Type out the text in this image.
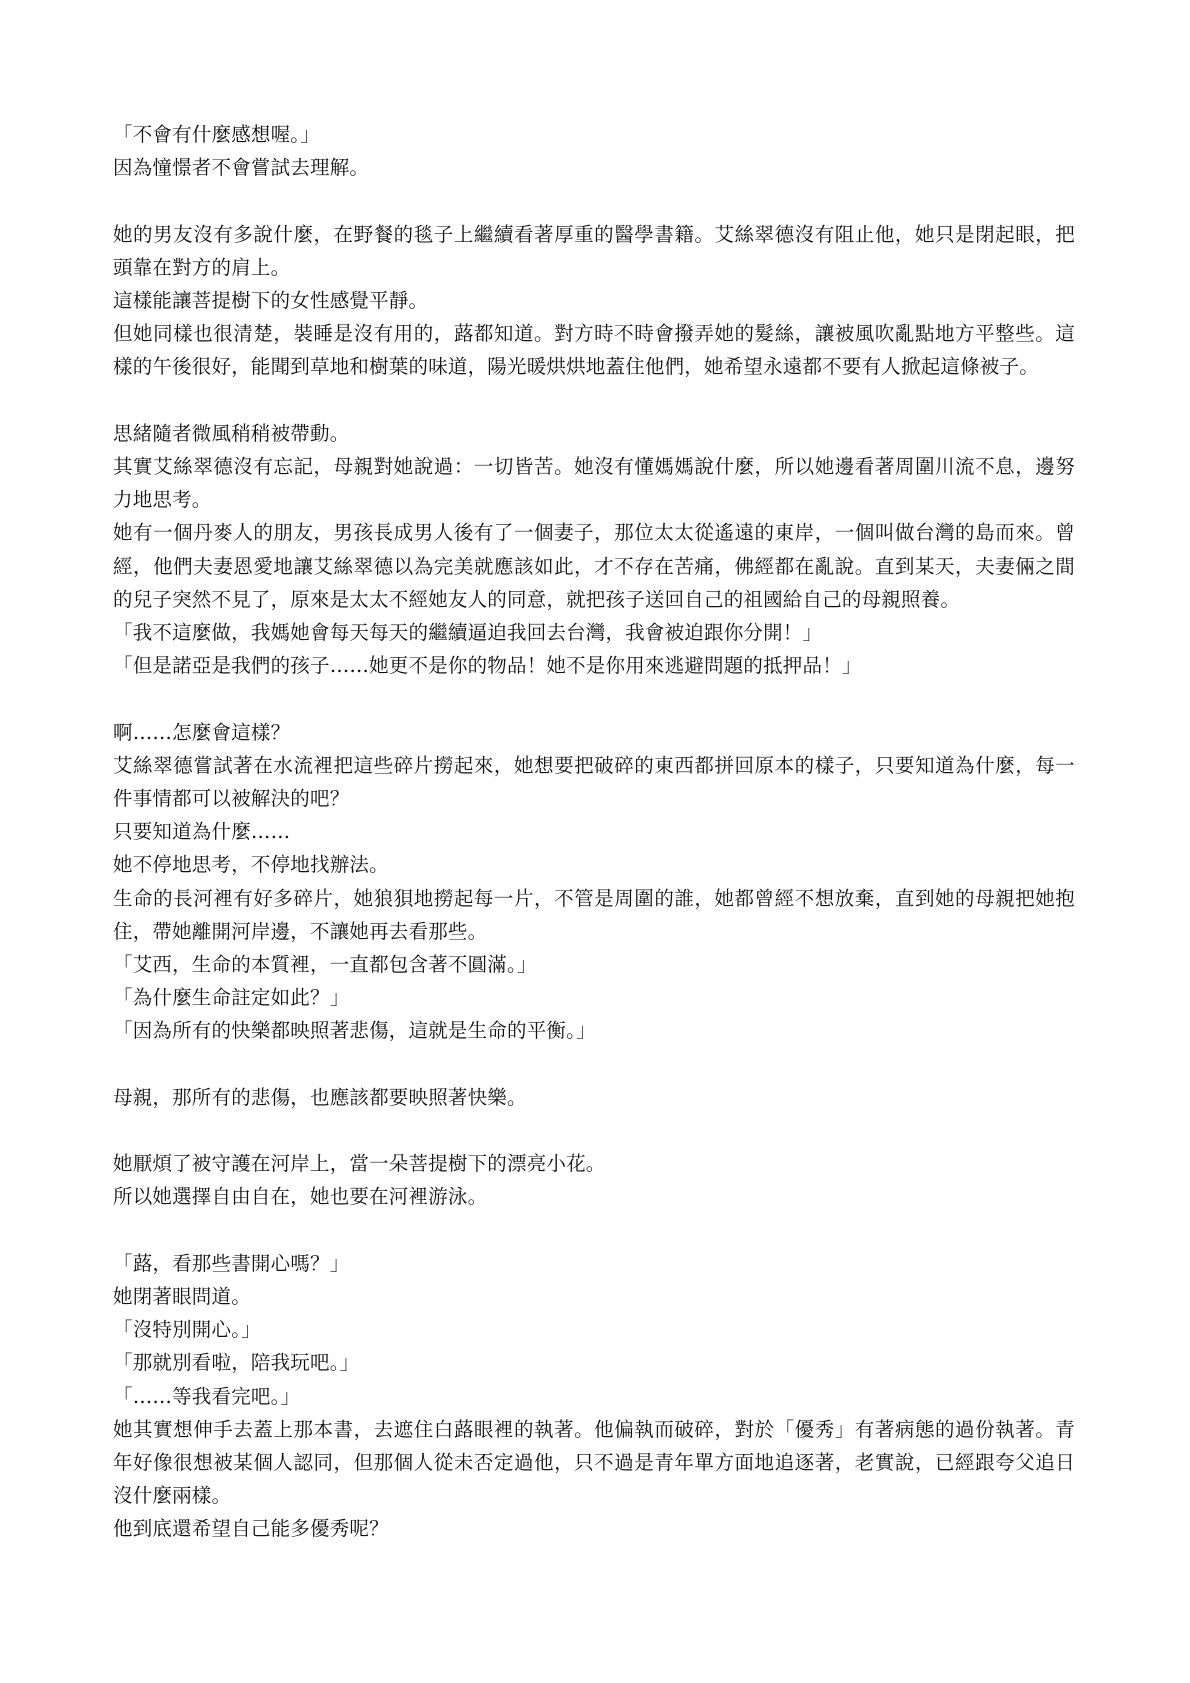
「不會有什麼感想喔。」

因為憧憬者不會嘗試去理解。

她的男友沒有多說什麼，在野餐的毯子上繼續看著厚重的醫學書籍。艾絲翠德沒有阻止他，她只是閉起眼，把頭靠在對方的肩上。

這樣能讓菩提樹下的女性感覺平靜。

但她同樣也很清楚，裝睡是沒有用的，蕗都知道。對方時不時會撥弄她的髮絲，讓被風吹亂點地方平整些。這樣的午後很好，能聞到草地和樹葉的味道，陽光暖烘烘地蓋住他們，她希望永遠都不要有人掀起這條被子。

思緒隨者微風稍稍被帶動。

其實艾絲翠德沒有忘記，母親對她說過：一切皆苦。她沒有懂媽媽說什麼，所以她邊看著周圍川流不息，邊努力地思考。

她有一個丹麥人的朋友，男孩長成男人後有了一個妻子，那位太太從遙遠的東岸，一個叫做台灣的島而來。曾經，他們夫妻恩愛地讓艾絲翠德以為完美就應該如此，才不存在苦痛，佛經都在亂說。直到某天，夫妻倆之間的兒子突然不見了，原來是太太不經她友人的同意，就把孩子送回自己的祖國給自己的母親照養。

「我不這麼做，我媽她會每天每天的繼續逼迫我回去台灣，我會被迫跟你分開！」

「但是諾亞是我們的孩子……她更不是你的物品！她不是你用來逃避問題的抵押品！」

啊……怎麼會這樣？

艾絲翠德嘗試著在水流裡把這些碎片撈起來，她想要把破碎的東西都拼回原本的樣子，只要知道為什麼，每一件事情都可以被解決的吧？

只要知道為什麼……

她不停地思考，不停地找辦法。

生命的長河裡有好多碎片，她狼狽地撈起每一片，不管是周圍的誰，她都曾經不想放棄，直到她的母親把她抱住，帶她離開河岸邊，不讓她再去看那些。

「艾西，生命的本質裡，一直都包含著不圓滿。」

「為什麼生命註定如此？」

「因為所有的快樂都映照著悲傷，這就是生命的平衡。」

母親，那所有的悲傷，也應該都要映照著快樂。

她厭煩了被守護在河岸上，當一朵菩提樹下的漂亮小花。

所以她選擇自由自在，她也要在河裡游泳。

「蕗，看那些書開心嗎？」

她閉著眼問道。

「沒特別開心。」

「那就別看啦，陪我玩吧。」

「……等我看完吧。」

她其實想伸手去蓋上那本書，去遮住白蕗眼裡的執著。他偏執而破碎，對於「優秀」有著病態的過份執著。青年好像很想被某個人認同，但那個人從未否定過他，只不過是青年單方面地追逐著，老實說，已經跟夸父追日沒什麼兩樣。

他到底還希望自己能多優秀呢？
